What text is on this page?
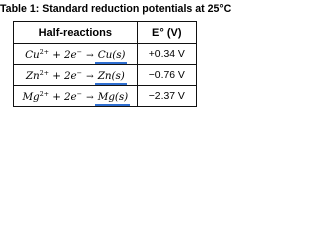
Table 1: Standard reduction potentials at 25°C
Half-reactions	E° (V)
$Cu^{2+} + 2e^- \to Cu(s)$	+0.34 V
$Zn^{2+} + 2e^- \to Zn(s)$	−0.76 V
$Mg^{2+} + 2e^- \to Mg(s)$	−2.37 V
